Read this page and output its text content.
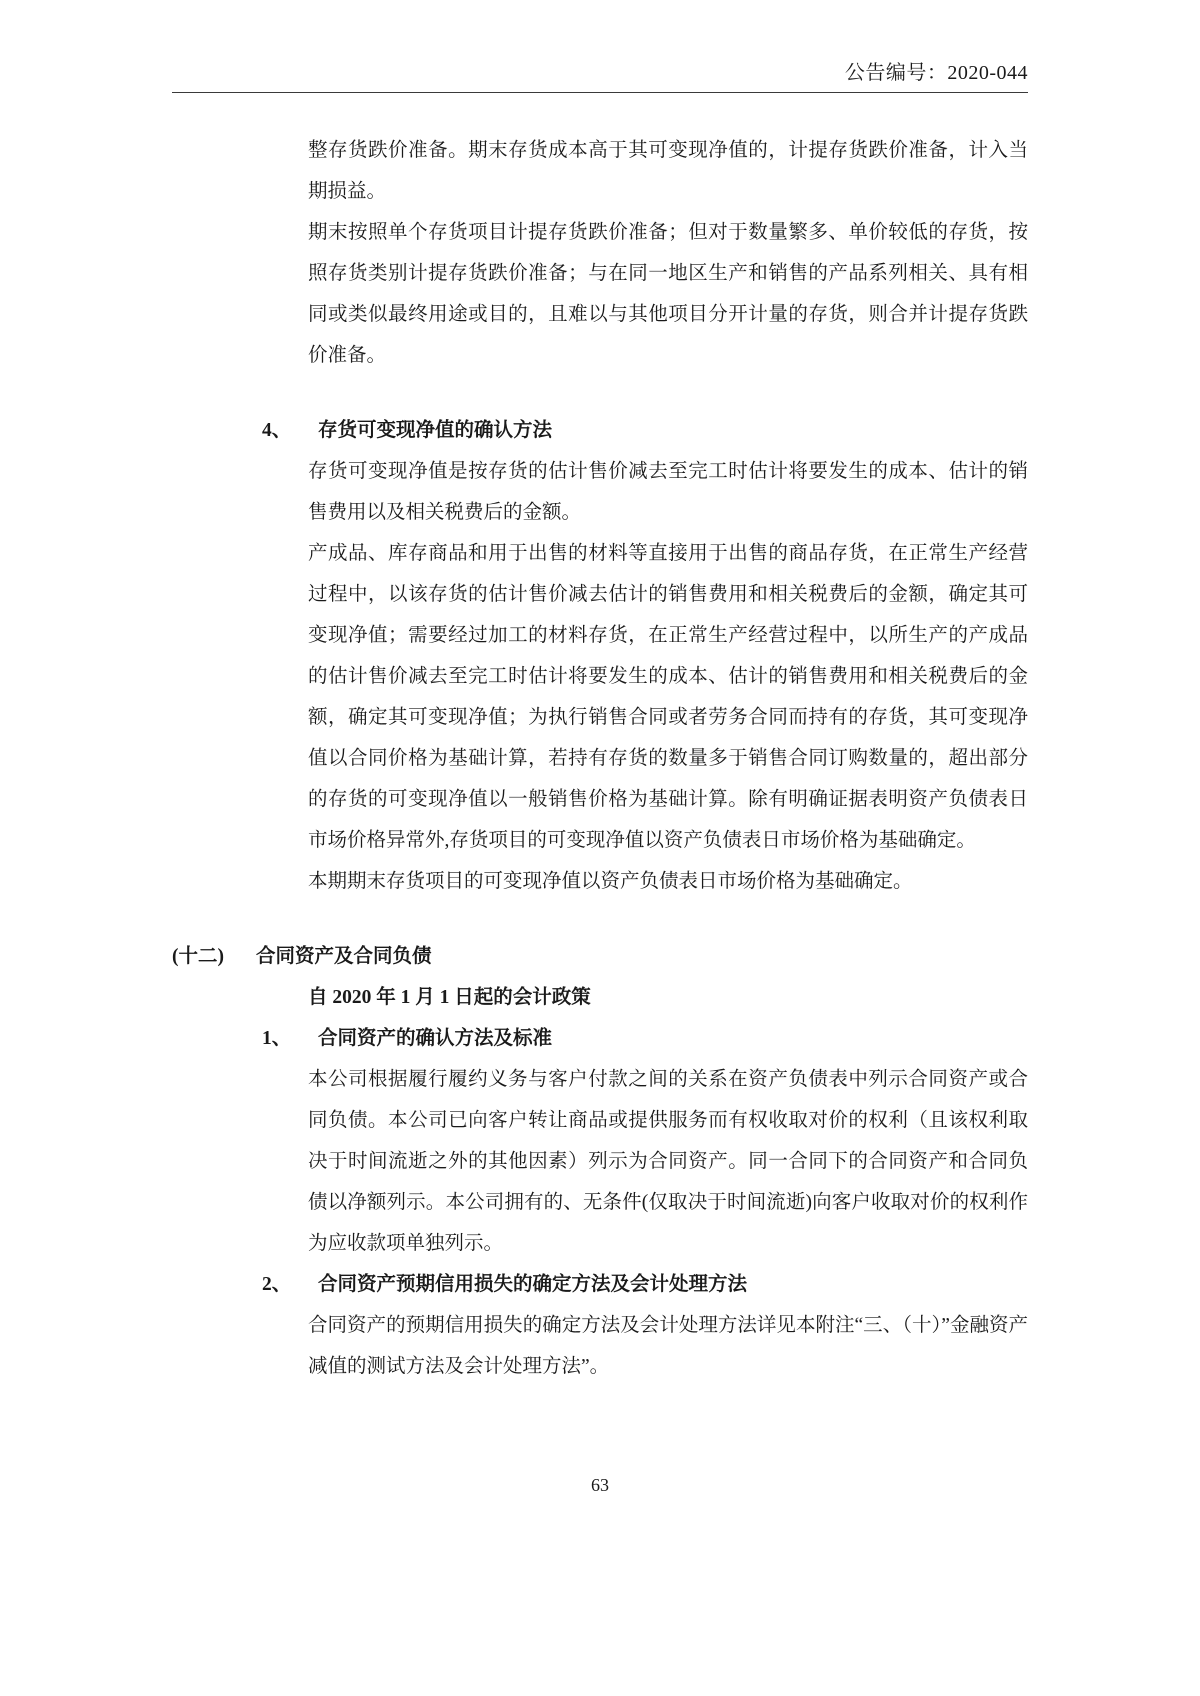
公告编号：2020-044

整存货跌价准备。期末存货成本高于其可变现净值的，计提存货跌价准备，计入当期损益。

期末按照单个存货项目计提存货跌价准备；但对于数量繁多、单价较低的存货，按照存货类别计提存货跌价准备；与在同一地区生产和销售的产品系列相关、具有相同或类似最终用途或目的，且难以与其他项目分开计量的存货，则合并计提存货跌价准备。

4、	存货可变现净值的确认方法

存货可变现净值是按存货的估计售价减去至完工时估计将要发生的成本、估计的销售费用以及相关税费后的金额。

产成品、库存商品和用于出售的材料等直接用于出售的商品存货，在正常生产经营过程中，以该存货的估计售价减去估计的销售费用和相关税费后的金额，确定其可变现净值；需要经过加工的材料存货，在正常生产经营过程中，以所生产的产成品的估计售价减去至完工时估计将要发生的成本、估计的销售费用和相关税费后的金额，确定其可变现净值；为执行销售合同或者劳务合同而持有的存货，其可变现净值以合同价格为基础计算，若持有存货的数量多于销售合同订购数量的，超出部分的存货的可变现净值以一般销售价格为基础计算。除有明确证据表明资产负债表日市场价格异常外,存货项目的可变现净值以资产负债表日市场价格为基础确定。

本期期末存货项目的可变现净值以资产负债表日市场价格为基础确定。

(十二) 合同资产及合同负债
自 2020 年 1 月 1 日起的会计政策
1、	合同资产的确认方法及标准

本公司根据履行履约义务与客户付款之间的关系在资产负债表中列示合同资产或合同负债。本公司已向客户转让商品或提供服务而有权收取对价的权利（且该权利取决于时间流逝之外的其他因素）列示为合同资产。同一合同下的合同资产和合同负债以净额列示。本公司拥有的、无条件(仅取决于时间流逝)向客户收取对价的权利作为应收款项单独列示。

2、	合同资产预期信用损失的确定方法及会计处理方法

合同资产的预期信用损失的确定方法及会计处理方法详见本附注“三、（十）”金融资产减值的测试方法及会计处理方法”。

63
